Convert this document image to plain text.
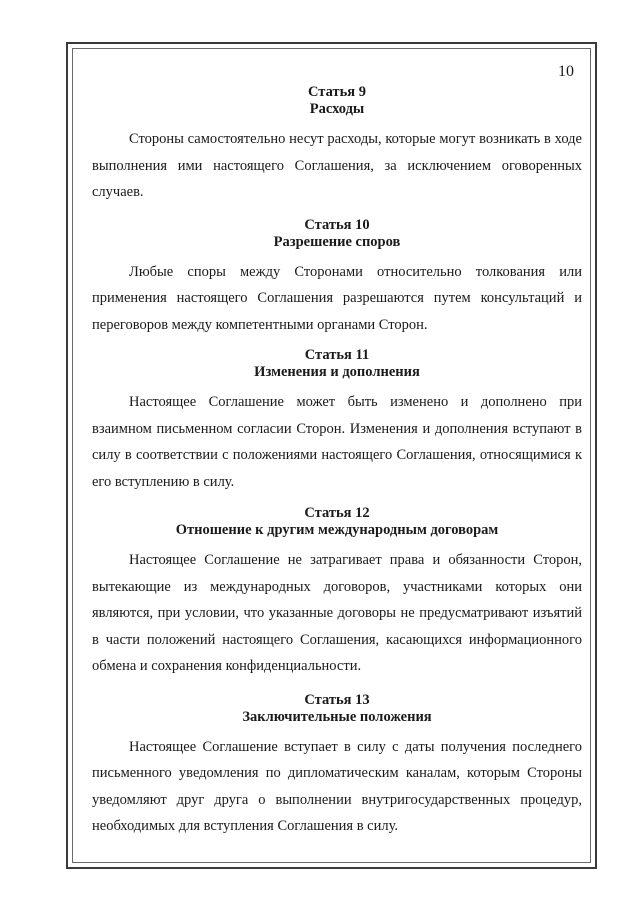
10

Статья 9

Расходы

Стороны самостоятельно несут расходы, которые могут возникать в ходе выполнения ими настоящего Соглашения, за исключением оговоренных случаев.

Статья 10

Разрешение споров

Любые споры между Сторонами относительно толкования или применения настоящего Соглашения разрешаются путем консультаций и переговоров между компетентными органами Сторон.

Статья 11

Изменения и дополнения

Настоящее Соглашение может быть изменено и дополнено при взаимном письменном согласии Сторон. Изменения и дополнения вступают в силу в соответствии с положениями настоящего Соглашения, относящимися к его вступлению в силу.

Статья 12

Отношение к другим международным договорам

Настоящее Соглашение не затрагивает права и обязанности Сторон, вытекающие из международных договоров, участниками которых они являются, при условии, что указанные договоры не предусматривают изъятий в части положений настоящего Соглашения, касающихся информационного обмена и сохранения конфиденциальности.

Статья 13

Заключительные положения

Настоящее Соглашение вступает в силу с даты получения последнего письменного уведомления по дипломатическим каналам, которым Стороны уведомляют друг друга о выполнении внутригосударственных процедур, необходимых для вступления Соглашения в силу.
